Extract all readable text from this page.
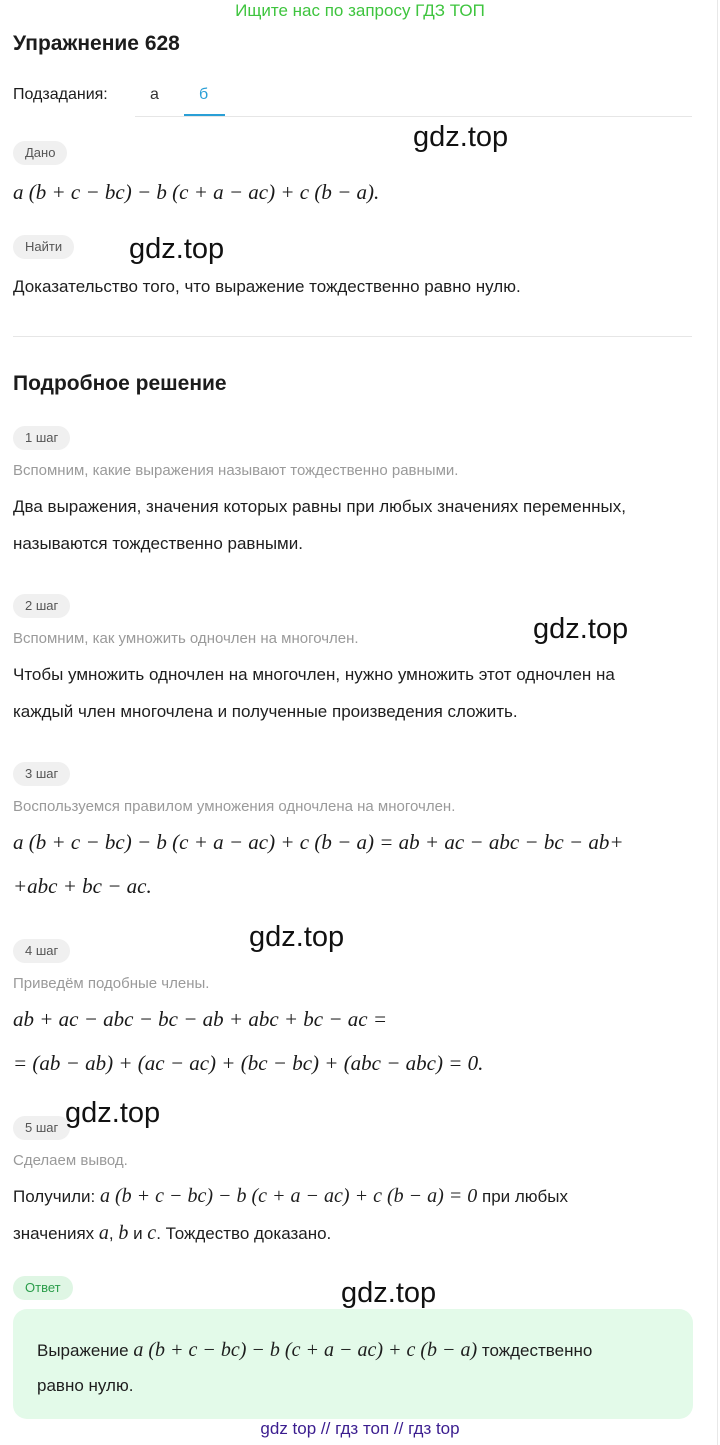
Ищите нас по запросу ГДЗ ТОП
Упражнение 628
Подзадания:	а	б
Дано
a (b + c − bc) − b (c + a − ac) + c (b − a).
Найти
Доказательство того, что выражение тождественно равно нулю.
Подробное решение
1 шаг
Вспомним, какие выражения называют тождественно равными.
Два выражения, значения которых равны при любых значениях переменных,
называются тождественно равными.
2 шаг
Вспомним, как умножить одночлен на многочлен.
Чтобы умножить одночлен на многочлен, нужно умножить этот одночлен на
каждый член многочлена и полученные произведения сложить.
3 шаг
Воспользуемся правилом умножения одночлена на многочлен.
a (b + c − bc) − b (c + a − ac) + c (b − a) = ab + ac − abc − bc − ab+
+abc + bc − ac.
4 шаг
Приведём подобные члены.
ab + ac − abc − bc − ab + abc + bc − ac =
= (ab − ab) + (ac − ac) + (bc − bc) + (abc − abc) = 0.
5 шаг
Сделаем вывод.
Получили: a (b + c − bc) − b (c + a − ac) + c (b − a) = 0 при любых
значениях a, b и c. Тождество доказано.
Ответ
Выражение a (b + c − bc) − b (c + a − ac) + c (b − a) тождественно
равно нулю.
gdz.top
gdz.top
gdz.top
gdz.top
gdz.top
gdz.top
gdz top // гдз топ // гдз top
